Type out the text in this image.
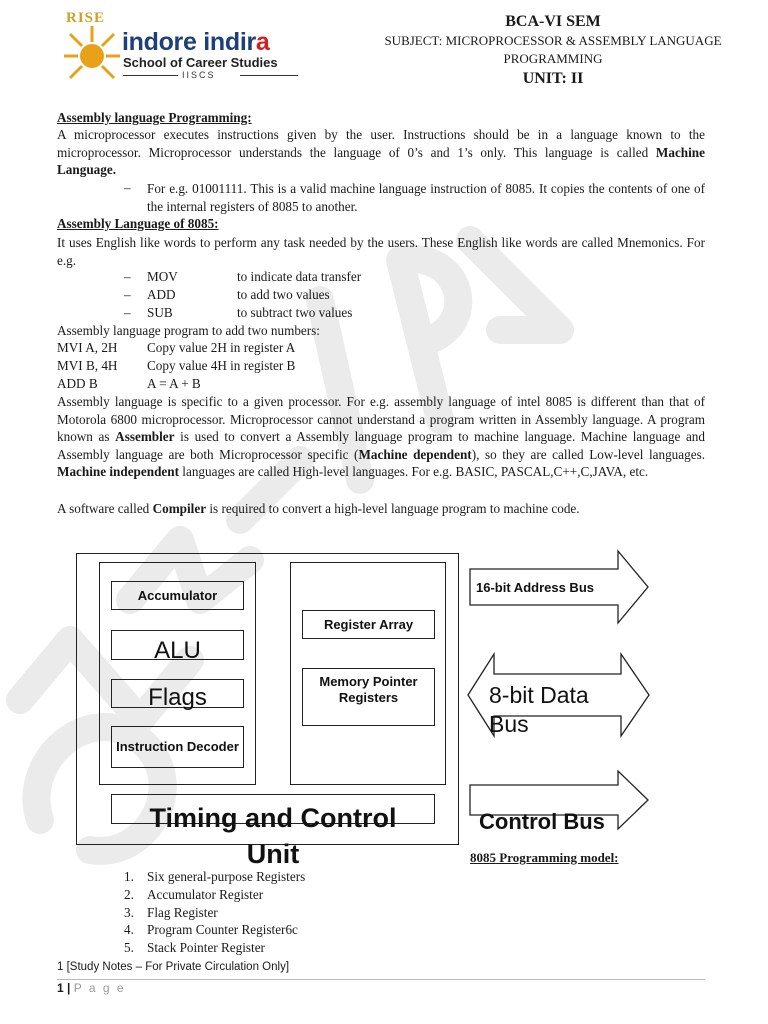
RISE
indore indira
School of Career Studies
IISCS
BCA-VI SEM
SUBJECT: MICROPROCESSOR & ASSEMBLY LANGUAGE
PROGRAMMING
UNIT: II
Assembly language Programming:
A microprocessor executes instructions given by the user. Instructions should be in a language known to the microprocessor. Microprocessor understands the language of 0’s and 1’s only. This language is called Machine Language.
– For e.g. 01001111. This is a valid machine language instruction of 8085. It copies the contents of one of the internal registers of 8085 to another.
Assembly Language of 8085:
It uses English like words to perform any task needed by the users. These English like words are called Mnemonics. For e.g.
– MOV	to indicate data transfer
– ADD	to add two values
– SUB	to subtract two values
Assembly language program to add two numbers:
MVI A, 2H Copy value 2H in register A
MVI B, 4H Copy value 4H in register B
ADD B	A = A + B
Assembly language is specific to a given processor. For e.g. assembly language of intel 8085 is different than that of Motorola 6800 microprocessor. Microprocessor cannot understand a program written in Assembly language. A program known as Assembler is used to convert a Assembly language program to machine language. Machine language and Assembly language are both Microprocessor specific (Machine dependent), so they are called Low-level languages. Machine independent languages are called High-level languages. For e.g. BASIC, PASCAL,C++,C,JAVA, etc.
A software called Compiler is required to convert a high-level language program to machine code.
Accumulator
ALU
Flags
Instruction Decoder
Register Array
Memory Pointer Registers
Timing and Control
Unit
16-bit Address Bus
8-bit Data
Bus
Control Bus
8085 Programming model:
1. Six general-purpose Registers
2. Accumulator Register
3. Flag Register
4. Program Counter Register6c
5. Stack Pointer Register
1 [Study Notes – For Private Circulation Only]
1 | P a g e
